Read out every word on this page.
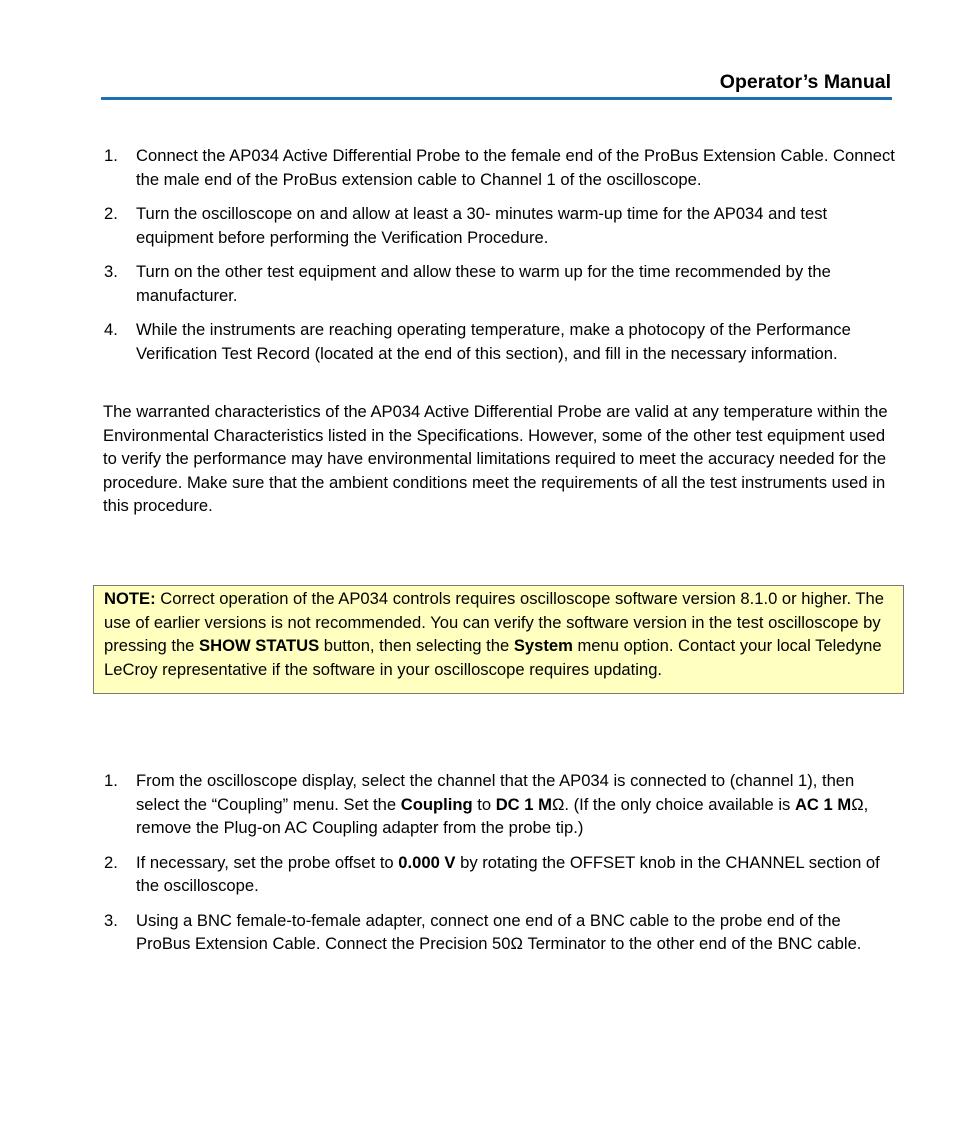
Operator’s Manual
1. Connect the AP034 Active Differential Probe to the female end of the ProBus Extension Cable. Connect the male end of the ProBus extension cable to Channel 1 of the oscilloscope.
2. Turn the oscilloscope on and allow at least a 30- minutes warm-up time for the AP034 and test equipment before performing the Verification Procedure.
3. Turn on the other test equipment and allow these to warm up for the time recommended by the manufacturer.
4. While the instruments are reaching operating temperature, make a photocopy of the Performance Verification Test Record (located at the end of this section), and fill in the necessary information.

The warranted characteristics of the AP034 Active Differential Probe are valid at any temperature within the Environmental Characteristics listed in the Specifications. However, some of the other test equipment used to verify the performance may have environmental limitations required to meet the accuracy needed for the procedure. Make sure that the ambient conditions meet the requirements of all the test instruments used in this procedure.

NOTE: Correct operation of the AP034 controls requires oscilloscope software version 8.1.0 or higher. The use of earlier versions is not recommended. You can verify the software version in the test oscilloscope by pressing the SHOW STATUS button, then selecting the System menu option. Contact your local Teledyne LeCroy representative if the software in your oscilloscope requires updating.

1. From the oscilloscope display, select the channel that the AP034 is connected to (channel 1), then select the “Coupling” menu. Set the Coupling to DC 1 MΩ. (If the only choice available is AC 1 MΩ, remove the Plug-on AC Coupling adapter from the probe tip.)
2. If necessary, set the probe offset to 0.000 V by rotating the OFFSET knob in the CHANNEL section of the oscilloscope.
3. Using a BNC female-to-female adapter, connect one end of a BNC cable to the probe end of the ProBus Extension Cable. Connect the Precision 50Ω Terminator to the other end of the BNC cable.
